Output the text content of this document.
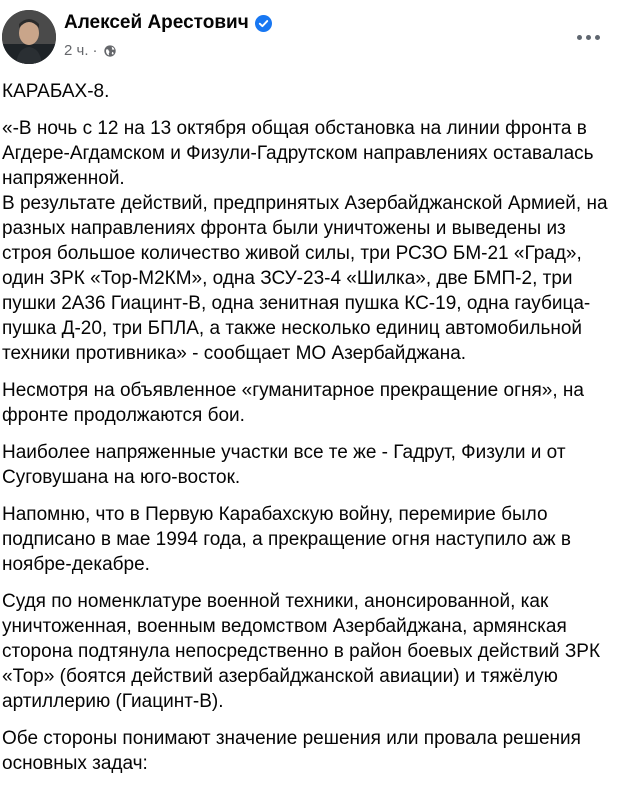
Алексей Арестович
2 ч. ·

КАРАБАХ-8.

«-В ночь с 12 на 13 октября общая обстановка на линии фронта в Агдере-Агдамском и Физули-Гадрутском направлениях оставалась напряженной.
В результате действий, предпринятых Азербайджанской Армией, на разных направлениях фронта были уничтожены и выведены из строя большое количество живой силы, три РСЗО БМ-21 «Град», один ЗРК «Тор-М2КМ», одна ЗСУ-23-4 «Шилка», две БМП-2, три пушки 2А36 Гиацинт-В, одна зенитная пушка КС-19, одна гаубица-пушка Д-20, три БПЛА, а также несколько единиц автомобильной техники противника» - сообщает МО Азербайджана.

Несмотря на объявленное «гуманитарное прекращение огня», на фронте продолжаются бои.

Наиболее напряженные участки все те же - Гадрут, Физули и от Суговушана на юго-восток.

Напомню, что в Первую Карабахскую войну, перемирие было подписано в мае 1994 года, а прекращение огня наступило аж в ноябре-декабре.

Судя по номенклатуре военной техники, анонсированной, как уничтоженная, военным ведомством Азербайджана, армянская сторона подтянула непосредственно в район боевых действий ЗРК «Тор» (боятся действий азербайджанской авиации) и тяжёлую артиллерию (Гиацинт-В).

Обе стороны понимают значение решения или провала решения основных задач:
